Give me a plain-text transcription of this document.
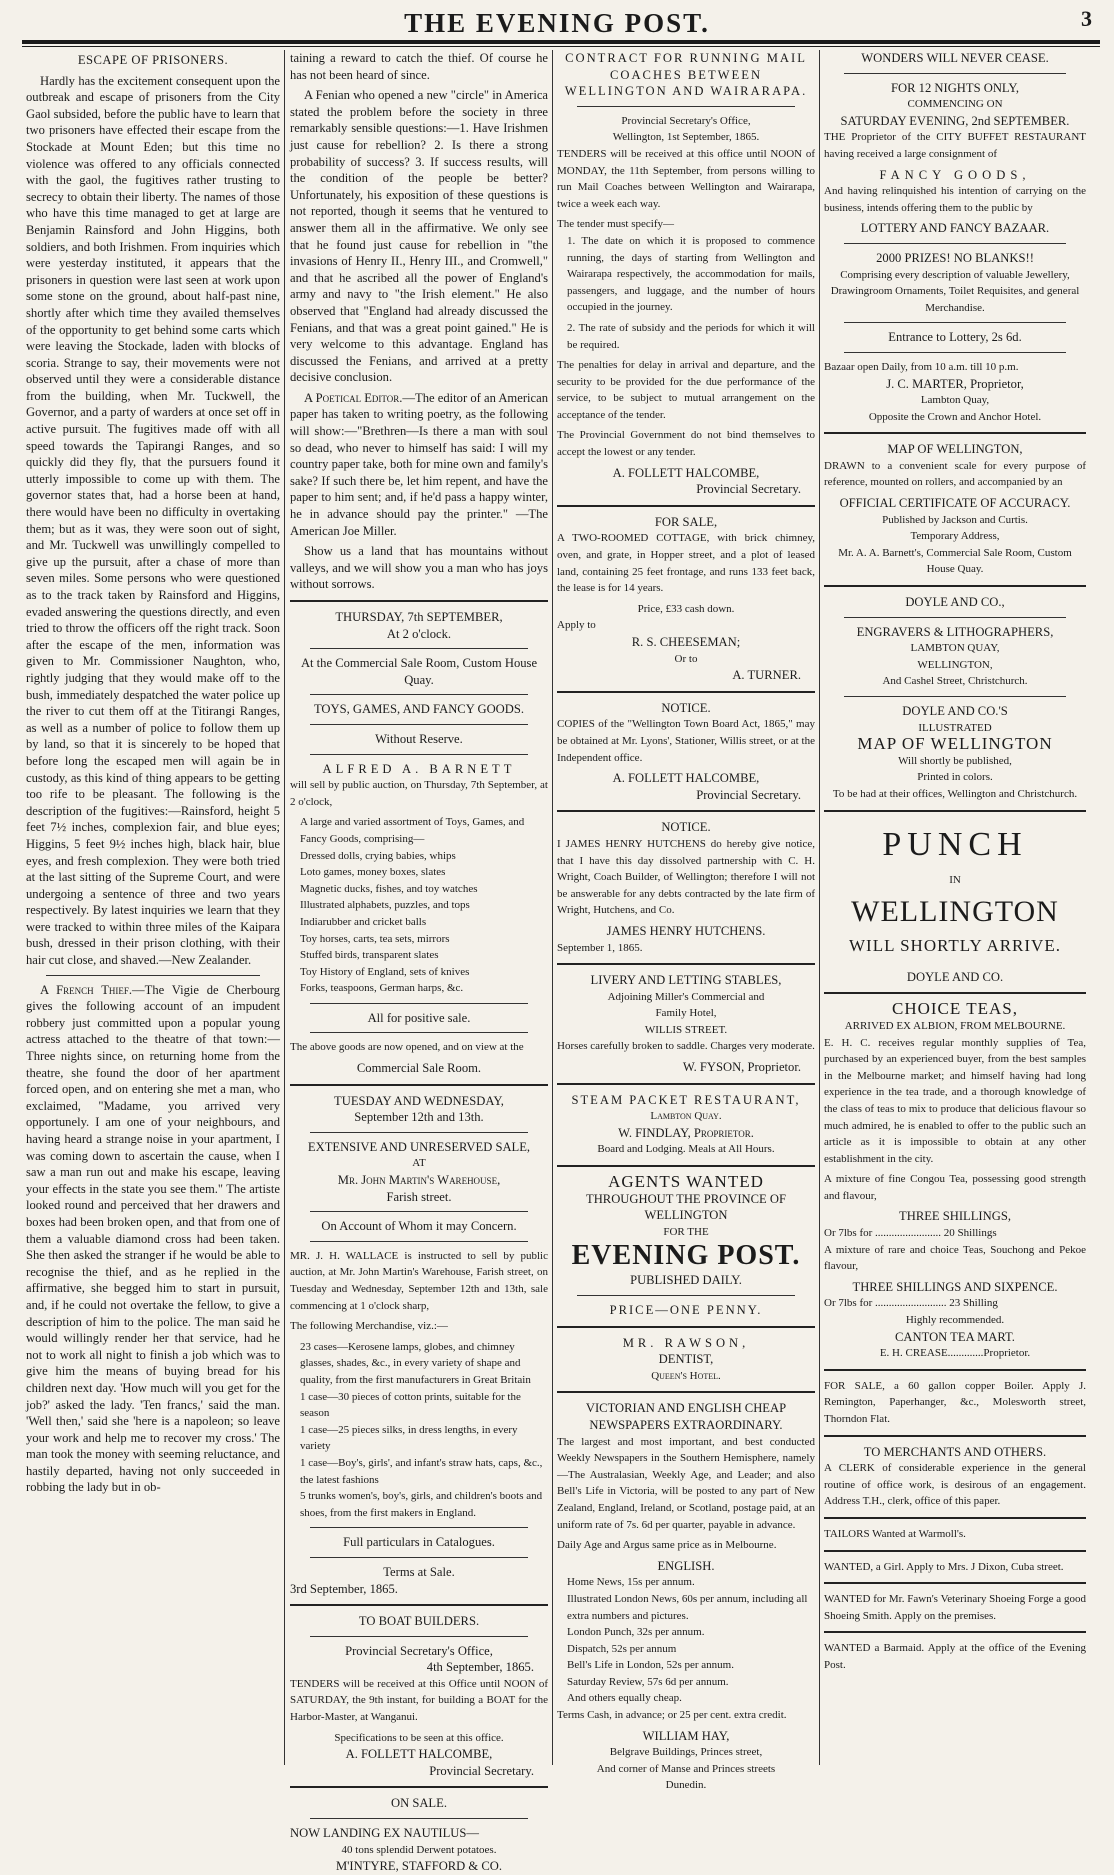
THE EVENING POST.	3
ESCAPE OF PRISONERS.

Hardly has the excitement consequent upon the outbreak and escape of prisoners from the City Gaol subsided, before the public have to learn that two prisoners have effected their escape from the Stockade at Mount Eden; but this time no violence was offered to any officials connected with the gaol, the fugitives rather trusting to secrecy to obtain their liberty. The names of those who have this time managed to get at large are Benjamin Rainsford and John Higgins, both soldiers, and both Irishmen. From inquiries which were yesterday instituted, it appears that the prisoners in question were last seen at work upon some stone on the ground, about half-past nine, shortly after which time they availed themselves of the opportunity to get behind some carts which were leaving the Stockade, laden with blocks of scoria. Strange to say, their movements were not observed until they were a considerable distance from the building, when Mr. Tuckwell, the Governor, and a party of warders at once set off in active pursuit. The fugitives made off with all speed towards the Tapirangi Ranges, and so quickly did they fly, that the pursuers found it utterly impossible to come up with them. The governor states that, had a horse been at hand, there would have been no difficulty in overtaking them; but as it was, they were soon out of sight, and Mr. Tuckwell was unwillingly compelled to give up the pursuit, after a chase of more than seven miles. Some persons who were questioned as to the track taken by Rainsford and Higgins, evaded answering the questions directly, and even tried to throw the officers off the right track. Soon after the escape of the men, information was given to Mr. Commissioner Naughton, who, rightly judging that they would make off to the bush, immediately despatched the water police up the river to cut them off at the Titirangi Ranges, as well as a number of police to follow them up by land, so that it is sincerely to be hoped that before long the escaped men will again be in custody, as this kind of thing appears to be getting too rife to be pleasant. The following is the description of the fugitives:—Rainsford, height 5 feet 7½ inches, complexion fair, and blue eyes; Higgins, 5 feet 9½ inches high, black hair, blue eyes, and fresh complexion. They were both tried at the last sitting of the Supreme Court, and were undergoing a sentence of three and two years respectively. By latest inquiries we learn that they were tracked to within three miles of the Kaipara bush, dressed in their prison clothing, with their hair cut close, and shaved.—New Zealander.

A French Thief.—The Vigie de Cherbourg gives the following account of an impudent robbery just committed upon a popular young actress attached to the theatre of that town:—Three nights since, on returning home from the theatre, she found the door of her apartment forced open, and on entering she met a man, who exclaimed, "Madame, you arrived very opportunely. I am one of your neighbours, and having heard a strange noise in your apartment, I was coming down to ascertain the cause, when I saw a man run out and make his escape, leaving your effects in the state you see them." The artiste looked round and perceived that her drawers and boxes had been broken open, and that from one of them a valuable diamond cross had been taken. She then asked the stranger if he would be able to recognise the thief, and as he replied in the affirmative, she begged him to start in pursuit, and, if he could not overtake the fellow, to give a description of him to the police. The man said he would willingly render her that service, had he not to work all night to finish a job which was to give him the means of buying bread for his children next day. 'How much will you get for the job?' asked the lady. 'Ten francs,' said the man. 'Well then,' said she 'here is a napoleon; so leave your work and help me to recover my cross.' The man took the money with seeming reluctance, and hastily departed, having not only succeeded in robbing the lady but in ob-

taining a reward to catch the thief. Of course he has not been heard of since.

A Fenian who opened a new "circle" in America stated the problem before the society in three remarkably sensible questions:—1. Have Irishmen just cause for rebellion? 2. Is there a strong probability of success? 3. If success results, will the condition of the people be better? Unfortunately, his exposition of these questions is not reported, though it seems that he ventured to answer them all in the affirmative. We only see that he found just cause for rebellion in "the invasions of Henry II., Henry III., and Cromwell," and that he ascribed all the power of England's army and navy to "the Irish element." He also observed that "England had already discussed the Fenians, and that was a great point gained." He is very welcome to this advantage. England has discussed the Fenians, and arrived at a pretty decisive conclusion.

A Poetical Editor.—The editor of an American paper has taken to writing poetry, as the following will show:—"Brethren—Is there a man with soul so dead, who never to himself has said: I will my country paper take, both for mine own and family's sake? If such there be, let him repent, and have the paper to him sent; and, if he'd pass a happy winter, he in advance should pay the printer." —The American Joe Miller.

Show us a land that has mountains without valleys, and we will show you a man who has joys without sorrows.

THURSDAY, 7th SEPTEMBER,
At 2 o'clock.
At the Commercial Sale Room, Custom House Quay.
TOYS, GAMES, AND FANCY GOODS.
Without Reserve.
ALFRED A. BARNETT

will sell by public auction, on Thursday, 7th September, at 2 o'clock,

A large and varied assortment of Toys, Games, and Fancy Goods, comprising—
Dressed dolls, crying babies, whips
Loto games, money boxes, slates
Magnetic ducks, fishes, and toy watches
Illustrated alphabets, puzzles, and tops
Indiarubber and cricket balls
Toy horses, carts, tea sets, mirrors
Stuffed birds, transparent slates
Toy History of England, sets of knives
Forks, teaspoons, German harps, &c.
All for positive sale.

The above goods are now opened, and on view at the

Commercial Sale Room.
TUESDAY AND WEDNESDAY,
September 12th and 13th.
EXTENSIVE AND UNRESERVED SALE,
AT
Mr. John Martin's Warehouse,
Farish street.
On Account of Whom it may Concern.

MR. J. H. WALLACE is instructed to sell by public auction, at Mr. John Martin's Warehouse, Farish street, on Tuesday and Wednesday, September 12th and 13th, sale commencing at 1 o'clock sharp,

The following Merchandise, viz.:—

23 cases—Kerosene lamps, globes, and chimney glasses, shades, &c., in every variety of shape and quality, from the first manufacturers in Great Britain
1 case—30 pieces of cotton prints, suitable for the season
1 case—25 pieces silks, in dress lengths, in every variety
1 case—Boy's, girls', and infant's straw hats, caps, &c., the latest fashions
5 trunks women's, boy's, girls, and children's boots and shoes, from the first makers in England.
Full particulars in Catalogues.
Terms at Sale.
3rd September, 1865.
TO BOAT BUILDERS.
Provincial Secretary's Office,
4th September, 1865.

TENDERS will be received at this Office until NOON of SATURDAY, the 9th instant, for building a BOAT for the Harbor-Master, at Wanganui.

Specifications to be seen at this office.
A. FOLLETT HALCOMBE,
Provincial Secretary.
ON SALE.
NOW LANDING EX NAUTILUS—
40 tons splendid Derwent potatoes.
M'INTYRE, STAFFORD & CO.
CONTRACT FOR RUNNING MAIL COACHES BETWEEN WELLINGTON AND WAIRARAPA.
Provincial Secretary's Office,
Wellington, 1st September, 1865.

TENDERS will be received at this office until NOON of MONDAY, the 11th September, from persons willing to run Mail Coaches between Wellington and Wairarapa, twice a week each way.

The tender must specify—

1. The date on which it is proposed to commence running, the days of starting from Wellington and Wairarapa respectively, the accommodation for mails, passengers, and luggage, and the number of hours occupied in the journey.

2. The rate of subsidy and the periods for which it will be required.

The penalties for delay in arrival and departure, and the security to be provided for the due performance of the service, to be subject to mutual arrangement on the acceptance of the tender.

The Provincial Government do not bind themselves to accept the lowest or any tender.

A. FOLLETT HALCOMBE,
Provincial Secretary.
FOR SALE,

A TWO-ROOMED COTTAGE, with brick chimney, oven, and grate, in Hopper street, and a plot of leased land, containing 25 feet frontage, and runs 133 feet back, the lease is for 14 years.

Price, £33 cash down.
Apply to
R. S. CHEESEMAN;
Or to
A. TURNER.
NOTICE.

COPIES of the "Wellington Town Board Act, 1865," may be obtained at Mr. Lyons', Stationer, Willis street, or at the Independent office.

A. FOLLETT HALCOMBE,
Provincial Secretary.
NOTICE.

I JAMES HENRY HUTCHENS do hereby give notice, that I have this day dissolved partnership with C. H. Wright, Coach Builder, of Wellington; therefore I will not be answerable for any debts contracted by the late firm of Wright, Hutchens, and Co.

JAMES HENRY HUTCHENS.
September 1, 1865.
LIVERY AND LETTING STABLES,
Adjoining Miller's Commercial and
Family Hotel,
WILLIS STREET.

Horses carefully broken to saddle. Charges very moderate.

W. FYSON, Proprietor.
STEAM PACKET RESTAURANT,
Lambton Quay.
W. FINDLAY, Proprietor.
Board and Lodging. Meals at All Hours.
AGENTS WANTED
THROUGHOUT THE PROVINCE OF
WELLINGTON
FOR THE
EVENING POST.
PUBLISHED DAILY.
PRICE—ONE PENNY.
MR. RAWSON,
DENTIST,
Queen's Hotel.
VICTORIAN AND ENGLISH CHEAP NEWSPAPERS EXTRAORDINARY.

The largest and most important, and best conducted Weekly Newspapers in the Southern Hemisphere, namely—The Australasian, Weekly Age, and Leader; and also Bell's Life in Victoria, will be posted to any part of New Zealand, England, Ireland, or Scotland, postage paid, at an uniform rate of 7s. 6d per quarter, payable in advance.

Daily Age and Argus same price as in Melbourne.

ENGLISH.
Home News, 15s per annum.
Illustrated London News, 60s per annum, including all extra numbers and pictures.
London Punch, 32s per annum.
Dispatch, 52s per annum
Bell's Life in London, 52s per annum.
Saturday Review, 57s 6d per annum.
And others equally cheap.

Terms Cash, in advance; or 25 per cent. extra credit.

WILLIAM HAY,
Belgrave Buildings, Princes street,
And corner of Manse and Princes streets
Dunedin.
WONDERS WILL NEVER CEASE.
FOR 12 NIGHTS ONLY,
COMMENCING ON
SATURDAY EVENING, 2nd SEPTEMBER.

THE Proprietor of the CITY BUFFET RESTAURANT having received a large consignment of

FANCY GOODS,

And having relinquished his intention of carrying on the business, intends offering them to the public by

LOTTERY AND FANCY BAZAAR.
2000 PRIZES! NO BLANKS!!

Comprising every description of valuable Jewellery, Drawingroom Ornaments, Toilet Requisites, and general Merchandise.

Entrance to Lottery, 2s 6d.
Bazaar open Daily, from 10 a.m. till 10 p.m.
J. C. MARTER, Proprietor,
Lambton Quay,
Opposite the Crown and Anchor Hotel.
MAP OF WELLINGTON,

DRAWN to a convenient scale for every purpose of reference, mounted on rollers, and accompanied by an

OFFICIAL CERTIFICATE OF ACCURACY.
Published by Jackson and Curtis.
Temporary Address,
Mr. A. A. Barnett's, Commercial Sale Room, Custom House Quay.
DOYLE AND CO.,
ENGRAVERS & LITHOGRAPHERS,
LAMBTON QUAY,
WELLINGTON,
And Cashel Street, Christchurch.
DOYLE AND CO.'S
ILLUSTRATED
MAP OF WELLINGTON
Will shortly be published,
Printed in colors.

To be had at their offices, Wellington and Christchurch.

PUNCH
IN
WELLINGTON
WILL SHORTLY ARRIVE.
DOYLE AND CO.
CHOICE TEAS,
ARRIVED EX ALBION, FROM MELBOURNE.

E. H. C. receives regular monthly supplies of Tea, purchased by an experienced buyer, from the best samples in the Melbourne market; and himself having had long experience in the tea trade, and a thorough knowledge of the class of teas to mix to produce that delicious flavour so much admired, he is enabled to offer to the public such an article as it is impossible to obtain at any other establishment in the city.

A mixture of fine Congou Tea, possessing good strength and flavour,

THREE SHILLINGS,
Or 7lbs for ........................ 20 Shillings

A mixture of rare and choice Teas, Souchong and Pekoe flavour,

THREE SHILLINGS AND SIXPENCE.
Or 7lbs for .......................... 23 Shilling
Highly recommended.
CANTON TEA MART.
E. H. CREASE.............Proprietor.

FOR SALE, a 60 gallon copper Boiler. Apply J. Remington, Paperhanger, &c., Molesworth street, Thorndon Flat.

TO MERCHANTS AND OTHERS.

A CLERK of considerable experience in the general routine of office work, is desirous of an engagement. Address T.H., clerk, office of this paper.

TAILORS Wanted at Warmoll's.

WANTED, a Girl. Apply to Mrs. J Dixon, Cuba street.

WANTED for Mr. Fawn's Veterinary Shoeing Forge a good Shoeing Smith. Apply on the premises.

WANTED a Barmaid. Apply at the office of the Evening Post.
